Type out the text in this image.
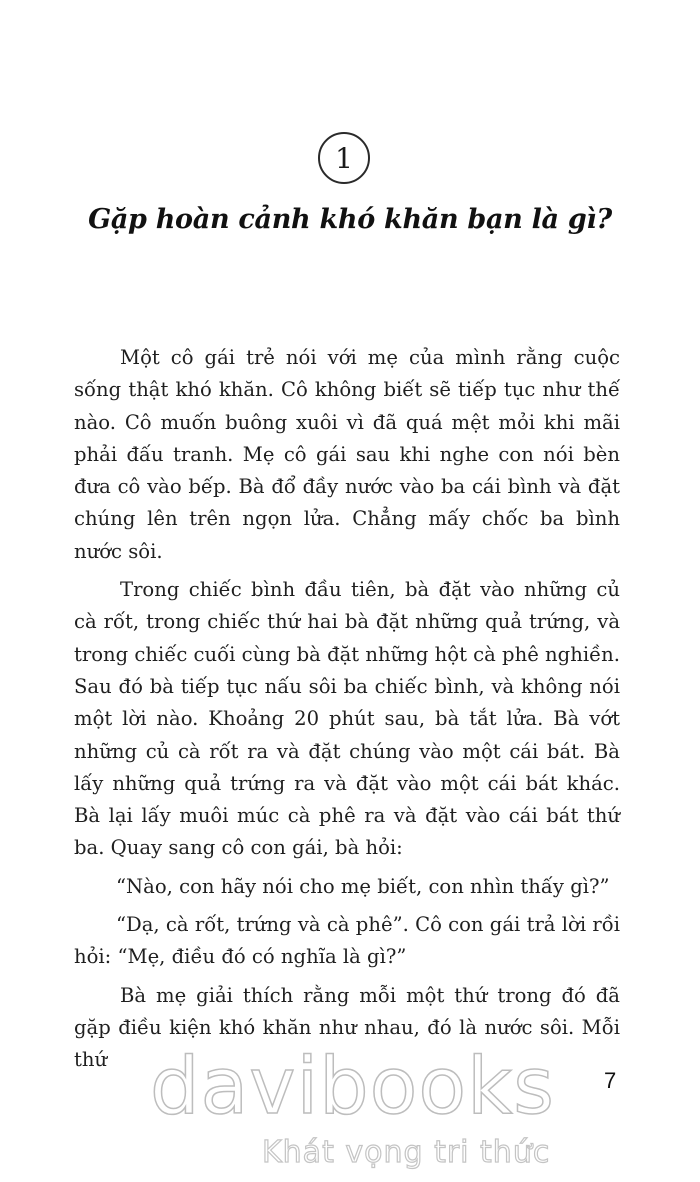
1
Gặp hoàn cảnh khó khăn bạn là gì?

Một cô gái trẻ nói với mẹ của mình rằng cuộc sống thật khó khăn. Cô không biết sẽ tiếp tục như thế nào. Cô muốn buông xuôi vì đã quá mệt mỏi khi mãi phải đấu tranh. Mẹ cô gái sau khi nghe con nói bèn đưa cô vào bếp. Bà đổ đầy nước vào ba cái bình và đặt chúng lên trên ngọn lửa. Chẳng mấy chốc ba bình nước sôi.

Trong chiếc bình đầu tiên, bà đặt vào những củ cà rốt, trong chiếc thứ hai bà đặt những quả trứng, và trong chiếc cuối cùng bà đặt những hột cà phê nghiền. Sau đó bà tiếp tục nấu sôi ba chiếc bình, và không nói một lời nào. Khoảng 20 phút sau, bà tắt lửa. Bà vớt những củ cà rốt ra và đặt chúng vào một cái bát. Bà lấy những quả trứng ra và đặt vào một cái bát khác. Bà lại lấy muôi múc cà phê ra và đặt vào cái bát thứ ba. Quay sang cô con gái, bà hỏi:

“Nào, con hãy nói cho mẹ biết, con nhìn thấy gì?”

“Dạ, cà rốt, trứng và cà phê”. Cô con gái trả lời rồi hỏi: “Mẹ, điều đó có nghĩa là gì?”

Bà mẹ giải thích rằng mỗi một thứ trong đó đã gặp điều kiện khó khăn như nhau, đó là nước sôi. Mỗi thứ

7
davibooks
Khát vọng tri thức
